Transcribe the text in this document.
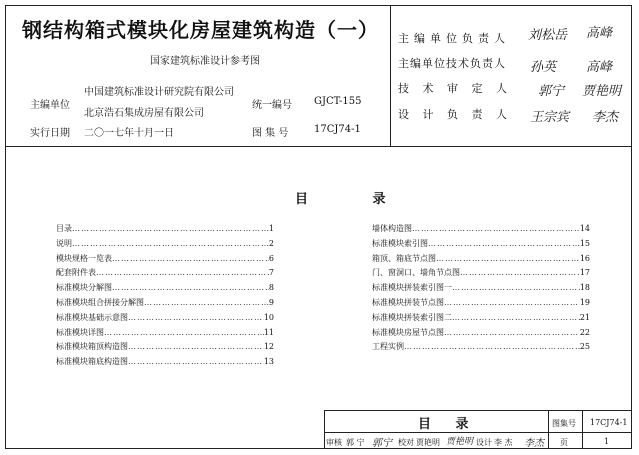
钢结构箱式模块化房屋建筑构造（一）
国家建筑标准设计参考图
主编单位
中国建筑标准设计研究院有限公司
北京浩石集成房屋有限公司
实行日期 二〇一七年十月一日
统一编号 GJCT-155
图 集 号	17CJ74-1
主编单位负责人 刘松岳 高峰
主编单位技术负责人 孙英 高峰
技 术 审 定 人 郭宁 贾艳明
设 计 负 责 人 王宗宾 李杰
目 录
目录 ……………………………………………………………………………………………………………………………	1
说明 ……………………………………………………………………………………………………………………………	2
模块规格一览表 ……………………………………………………………………………………………………………………………	6
配套附件表 ……………………………………………………………………………………………………………………………	7
标准模块分解图 ……………………………………………………………………………………………………………………………	8
标准模块组合拼接分解图 ……………………………………………………………………………………………………………………………	9
标准模块基础示意图 ……………………………………………………………………………………………………………………………	10
标准模块详图 ……………………………………………………………………………………………………………………………	11
标准模块箱顶构造图 ……………………………………………………………………………………………………………………………	12
标准模块箱底构造图 ……………………………………………………………………………………………………………………………	13
墙体构造图 ……………………………………………………………………………………………………………………………	14
标准模块索引图 ……………………………………………………………………………………………………………………………	15
箱顶、箱底节点图 ……………………………………………………………………………………………………………………………	16
门、窗洞口、墙角节点图 ……………………………………………………………………………………………………………………………	17
标准模块拼装索引图一 ……………………………………………………………………………………………………………………………	18
标准模块拼装节点图 ……………………………………………………………………………………………………………………………	19
标准模块拼装索引图二 ……………………………………………………………………………………………………………………………	21
标准模块房屋节点图 ……………………………………………………………………………………………………………………………	22
工程实例 ……………………………………………………………………………………………………………………………	25
目 录	图集号 17CJ74-1
审核 郭 宁 郭宁 校对 贾艳明 贾艳明 设计 李 杰 李杰 页	1
